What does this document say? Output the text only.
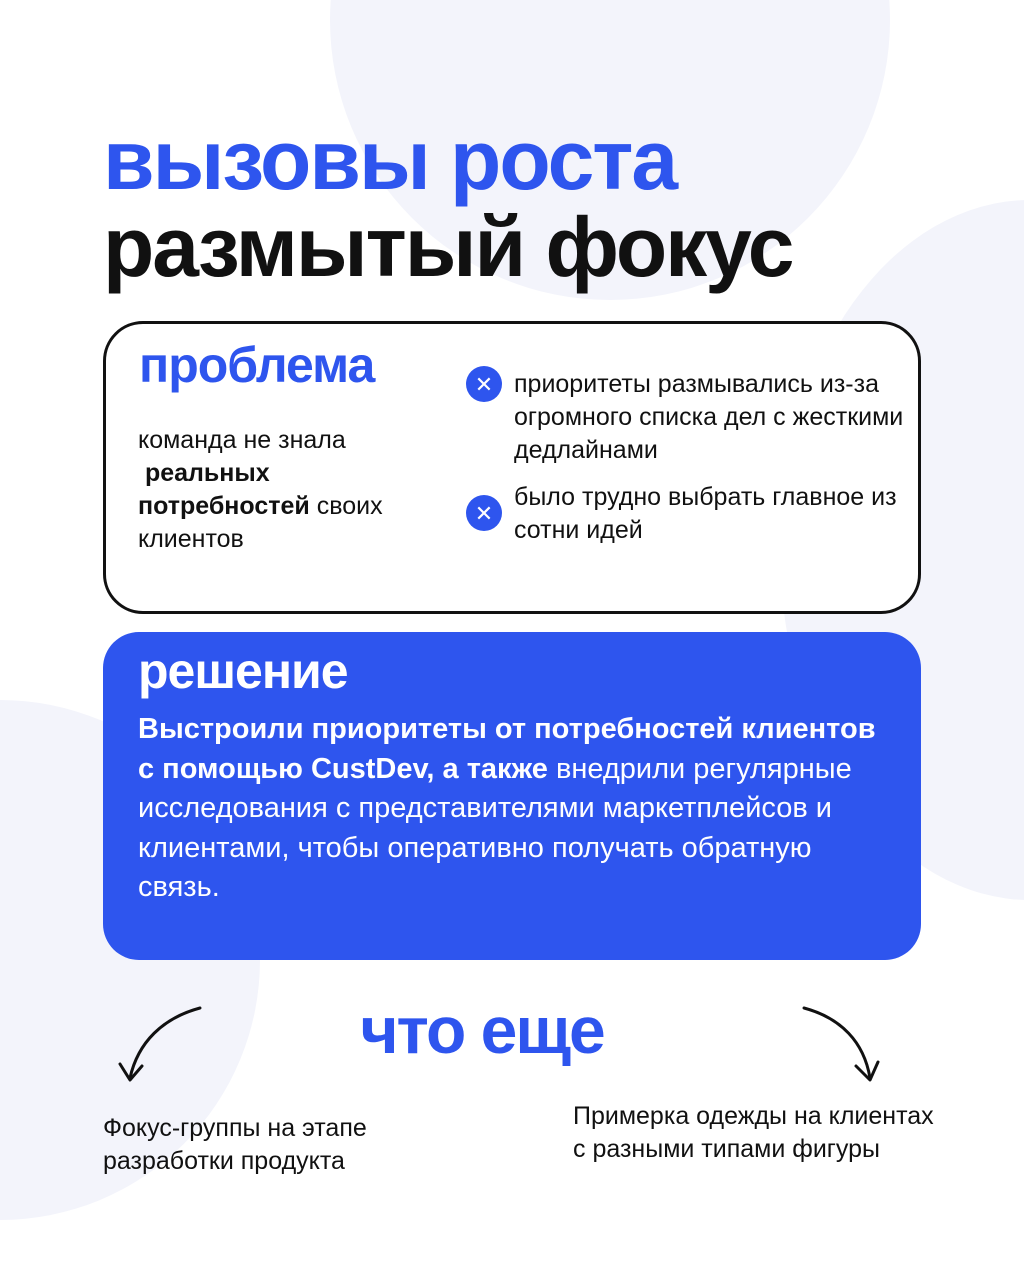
вызовы роста
размытый фокус
проблема

команда не знала
реальных потребностей своих клиентов

✕ приоритеты размывались из-за огромного списка дел с жесткими дедлайнами
✕
было трудно выбрать главное из сотни идей
решение

Выстроили приоритеты от потребностей клиентов с помощью CustDev, а также внедрили регулярные исследования с представителями маркетплейсов и клиентами, чтобы оперативно получать обратную связь.

что еще

Фокус-группы на этапе разработки продукта

Примерка одежды на клиентах с разными типами фигуры
